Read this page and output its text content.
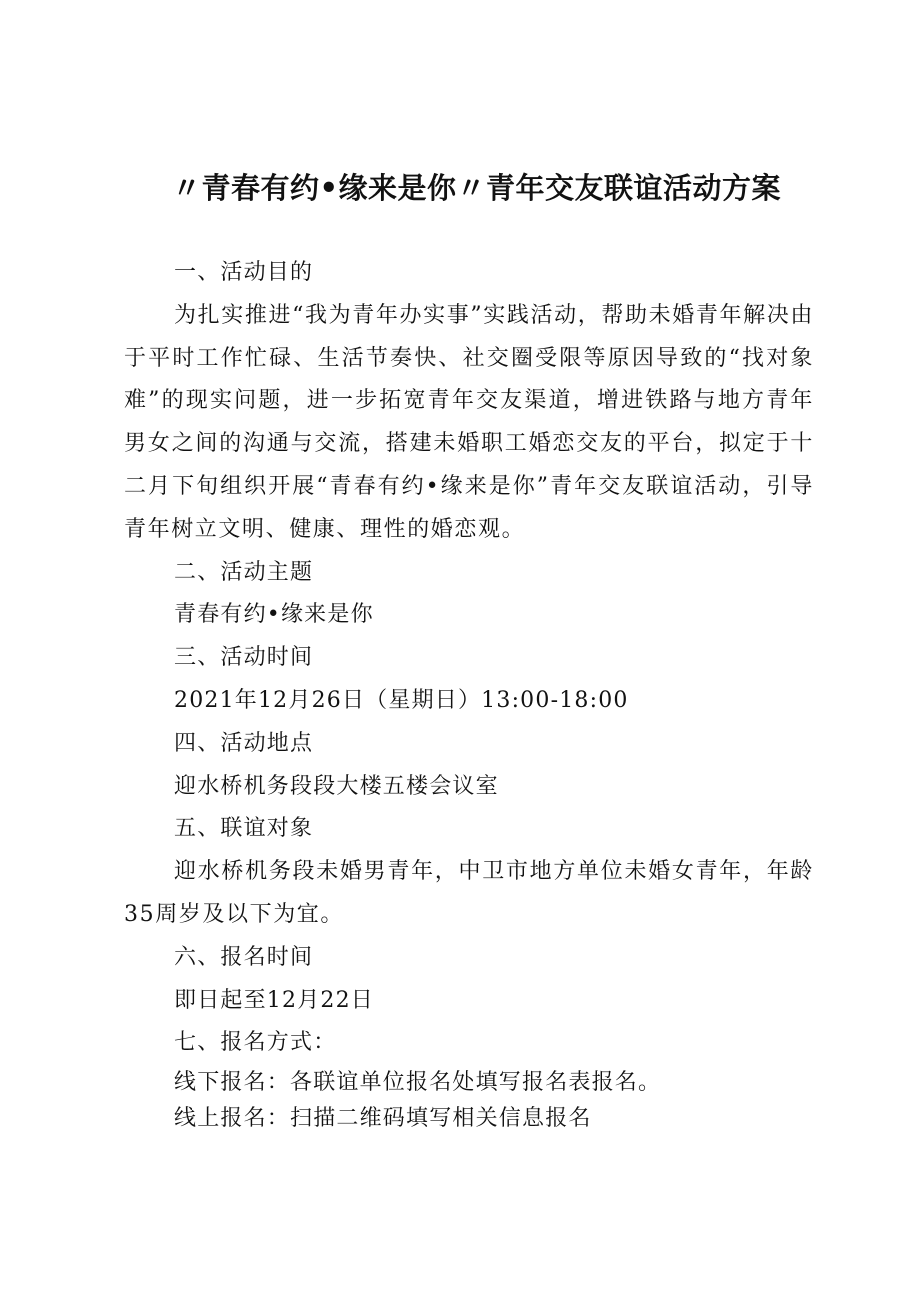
〃青春有约•缘来是你〃青年交友联谊活动方案

一、活动目的

为扎实推进“我为青年办实事”实践活动，帮助未婚青年解决由于平时工作忙碌、生活节奏快、社交圈受限等原因导致的“找对象难”的现实问题，进一步拓宽青年交友渠道，增进铁路与地方青年男女之间的沟通与交流，搭建未婚职工婚恋交友的平台，拟定于十二月下旬组织开展“青春有约•缘来是你”青年交友联谊活动，引导青年树立文明、健康、理性的婚恋观。

二、活动主题

青春有约•缘来是你

三、活动时间

2021年12月26日（星期日）13:00-18:00

四、活动地点

迎水桥机务段段大楼五楼会议室

五、联谊对象

迎水桥机务段未婚男青年，中卫市地方单位未婚女青年，年龄35周岁及以下为宜。

六、报名时间

即日起至12月22日

七、报名方式：

线下报名：各联谊单位报名处填写报名表报名。

线上报名：扫描二维码填写相关信息报名
